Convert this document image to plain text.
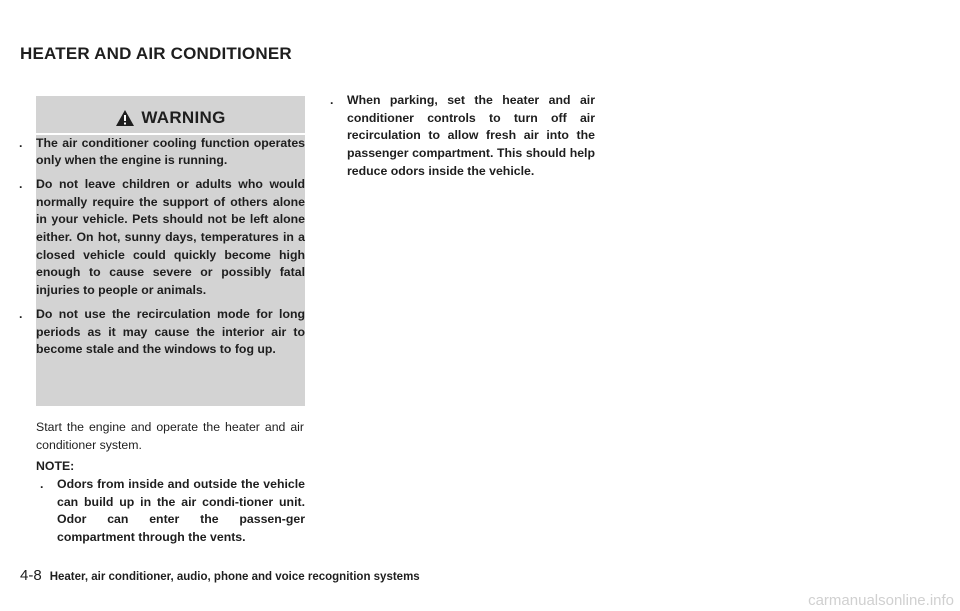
HEATER AND AIR CONDITIONER
WARNING
. The air conditioner cooling function operates only when the engine is running.
. Do not leave children or adults who would normally require the support of others alone in your vehicle. Pets should not be left alone either. On hot, sunny days, temperatures in a closed vehicle could quickly become high enough to cause severe or possibly fatal injuries to people or animals.
. Do not use the recirculation mode for long periods as it may cause the interior air to become stale and the windows to fog up.

Start the engine and operate the heater and air conditioner system.

NOTE:

. Odors from inside and outside the vehicle can build up in the air condi-tioner unit. Odor can enter the passen-ger compartment through the vents.
. When parking, set the heater and air conditioner controls to turn off air recirculation to allow fresh air into the passenger compartment. This should help reduce odors inside the vehicle.
4-8 Heater, air conditioner, audio, phone and voice recognition systems
carmanualsonline.info
